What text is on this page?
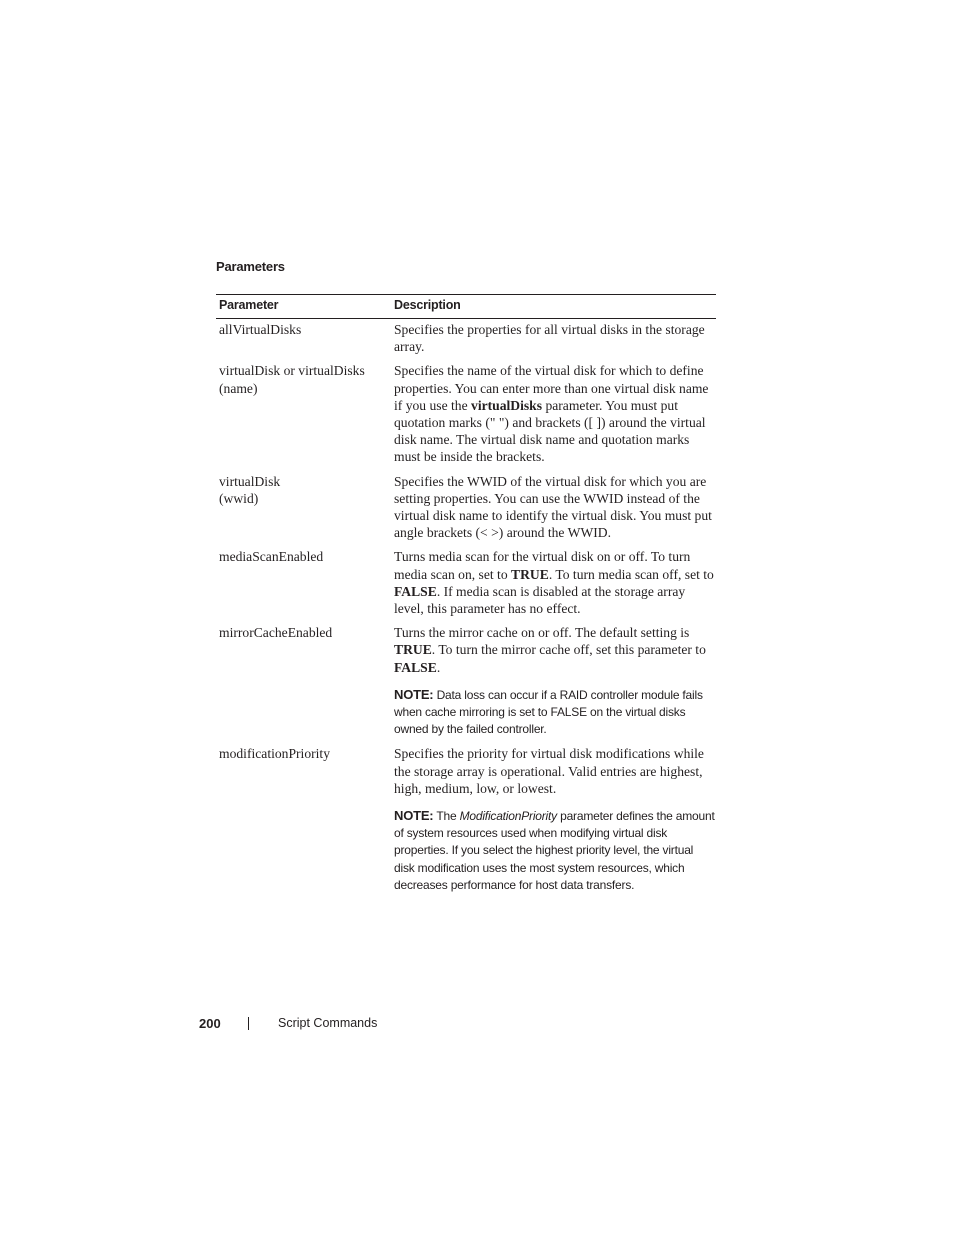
Parameters
Parameter	Description
allVirtualDisks	Specifies the properties for all virtual disks in the storage array.

virtualDisk or virtualDisks (name)	Specifies the name of the virtual disk for which to define properties. You can enter more than one virtual disk name if you use the virtualDisks parameter. You must put quotation marks (" ") and brackets ([ ]) around the virtual disk name. The virtual disk name and quotation marks must be inside the brackets.

virtualDisk
(wwid)	Specifies the WWID of the virtual disk for which you are setting properties. You can use the WWID instead of the virtual disk name to identify the virtual disk. You must put angle brackets (< >) around the WWID.

mediaScanEnabled	Turns media scan for the virtual disk on or off. To turn media scan on, set to TRUE. To turn media scan off, set to FALSE. If media scan is disabled at the storage array level, this parameter has no effect.

mirrorCacheEnabled	Turns the mirror cache on or off. The default setting is TRUE. To turn the mirror cache off, set this parameter to FALSE.
NOTE: Data loss can occur if a RAID controller module fails when cache mirroring is set to FALSE on the virtual disks owned by the failed controller.

modificationPriority	Specifies the priority for virtual disk modifications while the storage array is operational. Valid entries are highest, high, medium, low, or lowest.
NOTE: The ModificationPriority parameter defines the amount of system resources used when modifying virtual disk properties. If you select the highest priority level, the virtual disk modification uses the most system resources, which decreases performance for host data transfers.
200	Script Commands
